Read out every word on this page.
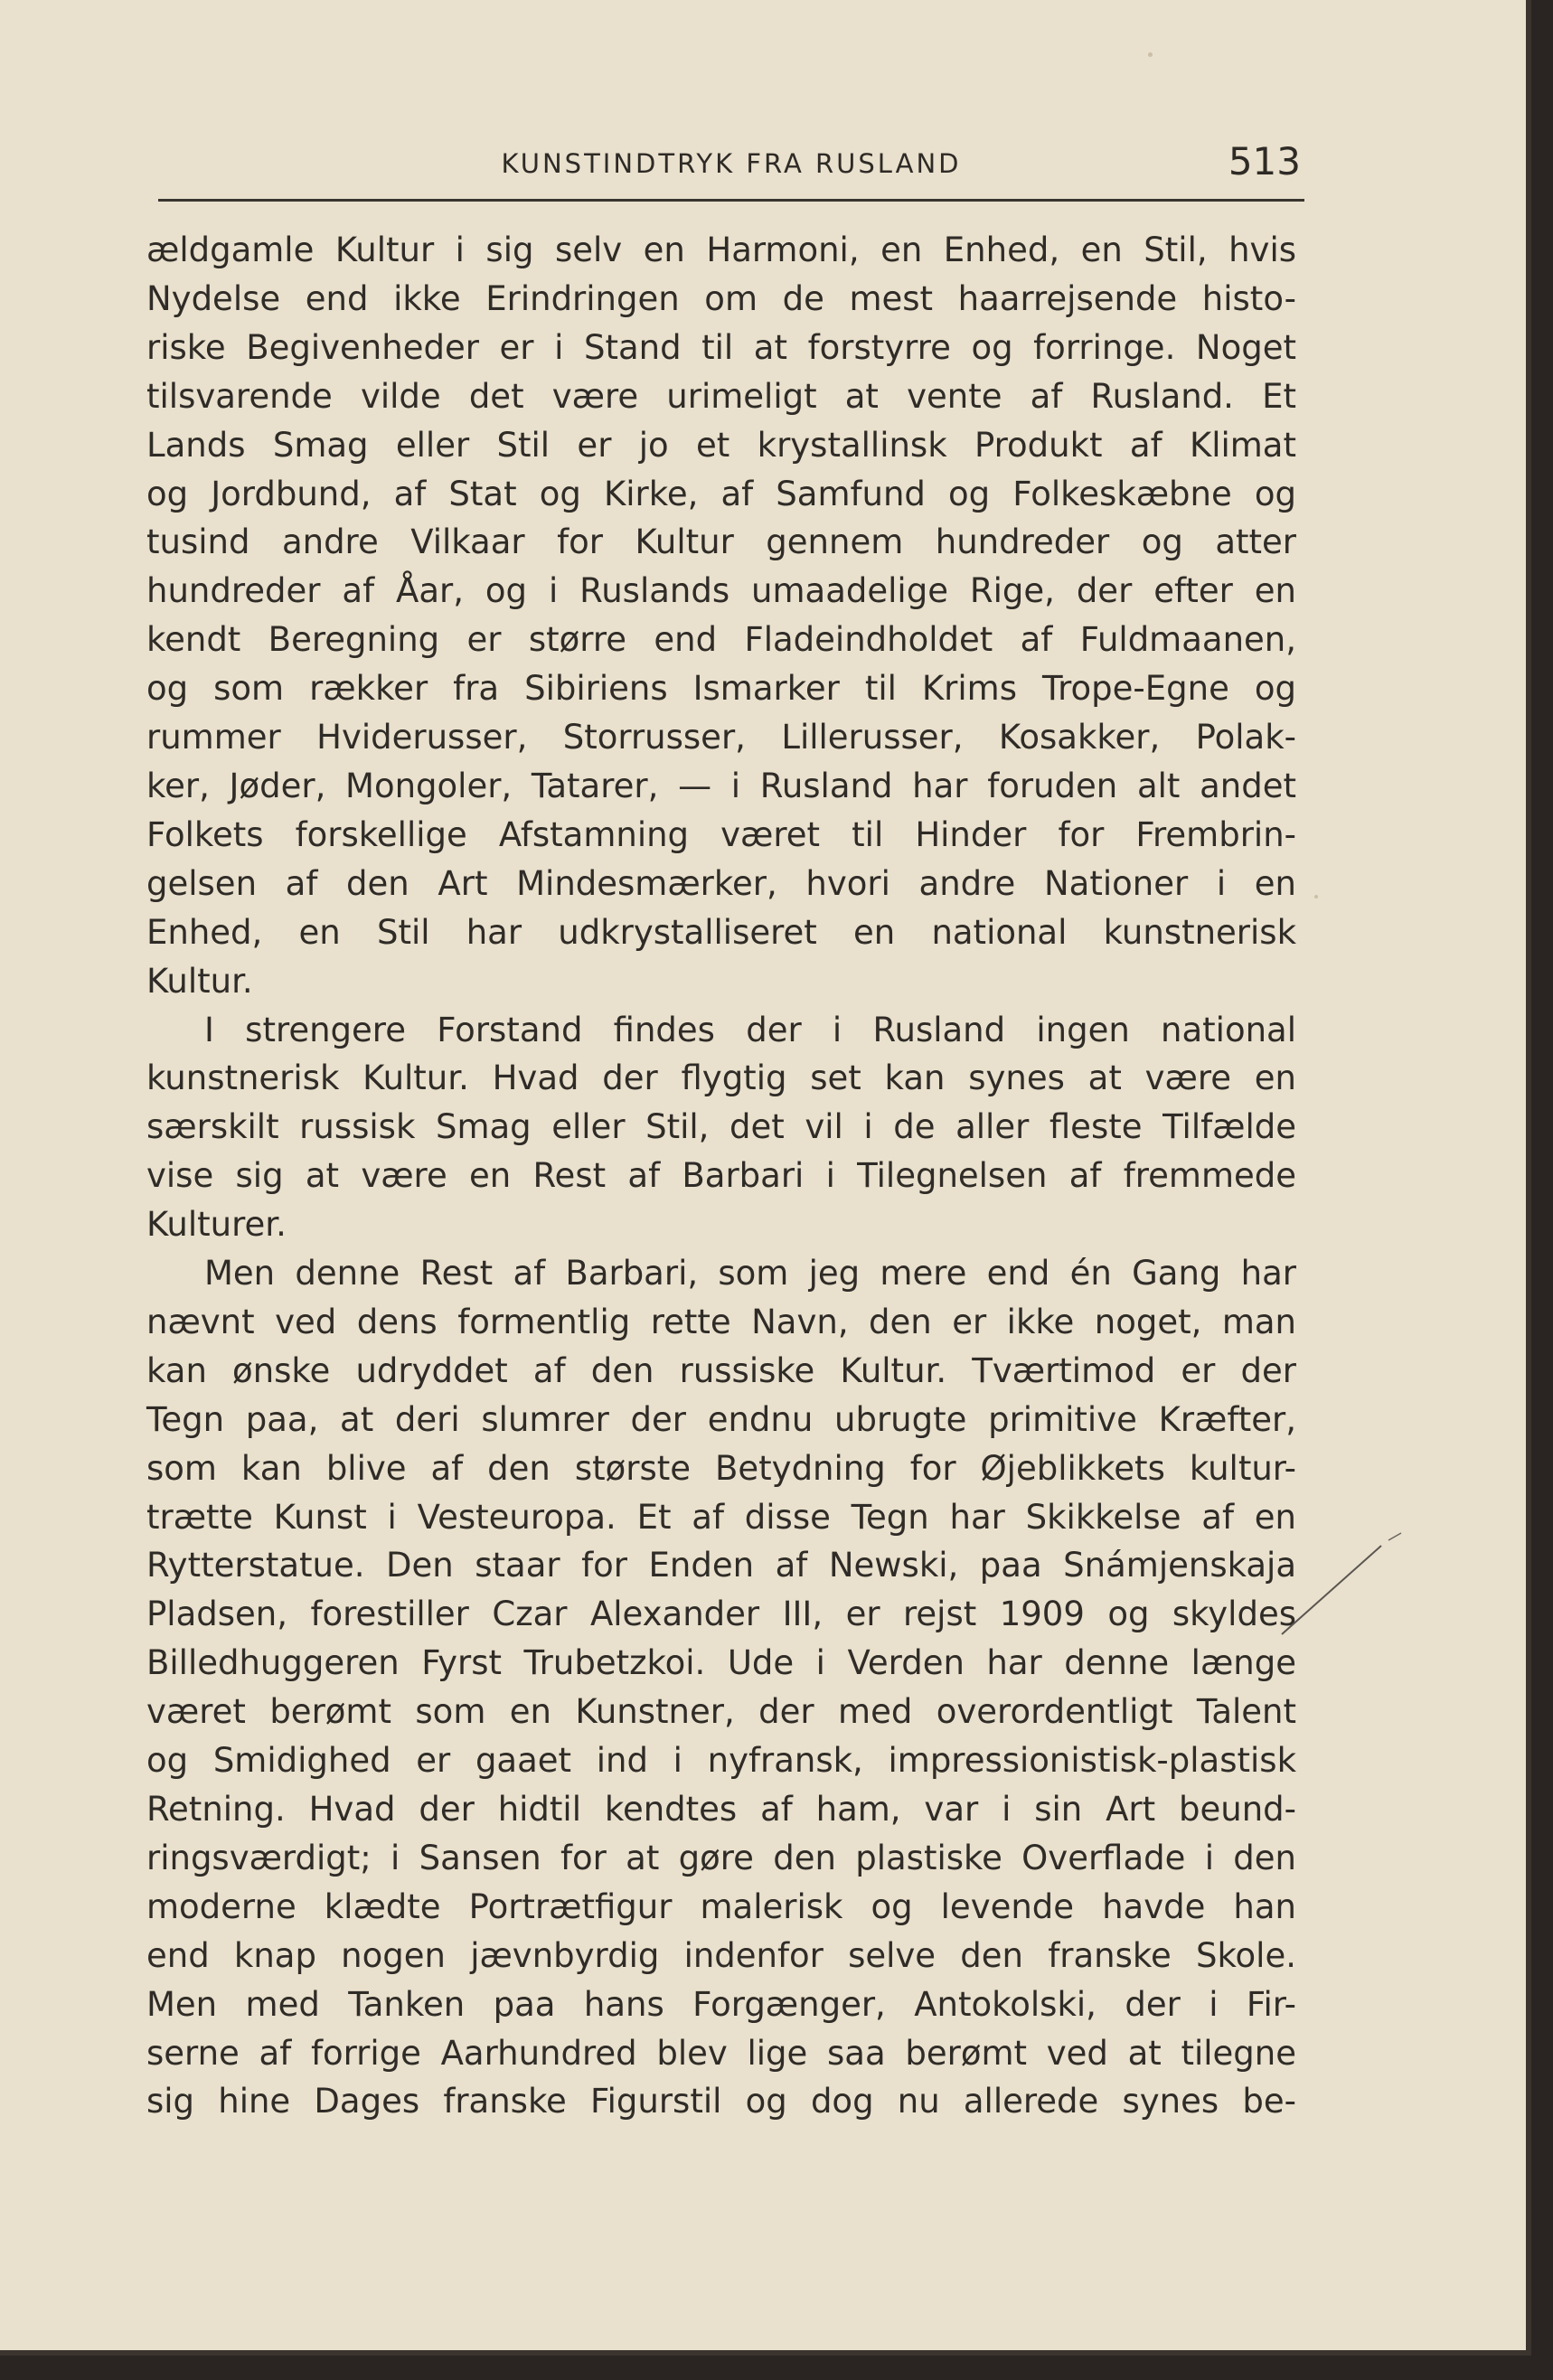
KUNSTINDTRYK FRA RUSLAND	513

ældgamle Kultur i sig selv en Harmoni, en Enhed, en Stil, hvis
Nydelse end ikke Erindringen om de mest haarrejsende histo-
riske Begivenheder er i Stand til at forstyrre og forringe. Noget
tilsvarende vilde det være urimeligt at vente af Rusland. Et
Lands Smag eller Stil er jo et krystallinsk Produkt af Klimat
og Jordbund, af Stat og Kirke, af Samfund og Folkeskæbne og
tusind andre Vilkaar for Kultur gennem hundreder og atter
hundreder af Åar, og i Ruslands umaadelige Rige, der efter en
kendt Beregning er større end Fladeindholdet af Fuldmaanen,
og som rækker fra Sibiriens Ismarker til Krims Trope-Egne og
rummer Hviderusser, Storrusser, Lillerusser, Kosakker, Polak-
ker, Jøder, Mongoler, Tatarer, — i Rusland har foruden alt andet
Folkets forskellige Afstamning været til Hinder for Frembrin-
gelsen af den Art Mindesmærker, hvori andre Nationer i en
Enhed, en Stil har udkrystalliseret en national kunstnerisk
Kultur.

I strengere Forstand findes der i Rusland ingen national
kunstnerisk Kultur. Hvad der flygtig set kan synes at være en
særskilt russisk Smag eller Stil, det vil i de aller fleste Tilfælde
vise sig at være en Rest af Barbari i Tilegnelsen af fremmede
Kulturer.

Men denne Rest af Barbari, som jeg mere end én Gang har
nævnt ved dens formentlig rette Navn, den er ikke noget, man
kan ønske udryddet af den russiske Kultur. Tværtimod er der
Tegn paa, at deri slumrer der endnu ubrugte primitive Kræfter,
som kan blive af den største Betydning for Øjeblikkets kultur-
trætte Kunst i Vesteuropa. Et af disse Tegn har Skikkelse af en
Rytterstatue. Den staar for Enden af Newski, paa Snámjenskaja
Pladsen, forestiller Czar Alexander III, er rejst 1909 og skyldes
Billedhuggeren Fyrst Trubetzkoi. Ude i Verden har denne længe
været berømt som en Kunstner, der med overordentligt Talent
og Smidighed er gaaet ind i nyfransk, impressionistisk-plastisk
Retning. Hvad der hidtil kendtes af ham, var i sin Art beund-
ringsværdigt; i Sansen for at gøre den plastiske Overflade i den
moderne klædte Portrætfigur malerisk og levende havde han
end knap nogen jævnbyrdig indenfor selve den franske Skole.
Men med Tanken paa hans Forgænger, Antokolski, der i Fir-
serne af forrige Aarhundred blev lige saa berømt ved at tilegne
sig hine Dages franske Figurstil og dog nu allerede synes be-
